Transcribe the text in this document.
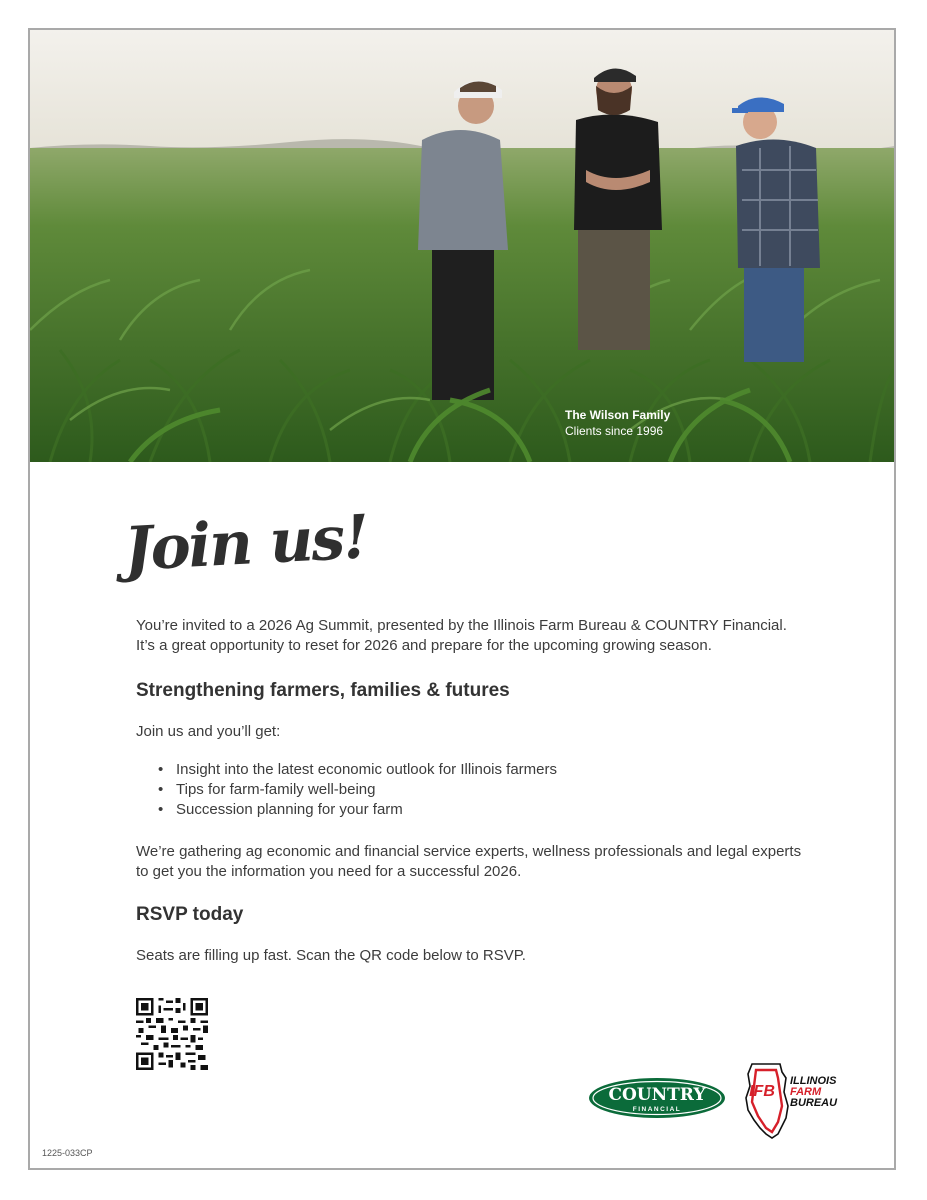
The Wilson Family
Clients since 1996
Join us!

You’re invited to a 2026 Ag Summit, presented by the Illinois Farm Bureau & COUNTRY Financial.

It’s a great opportunity to reset for 2026 and prepare for the upcoming growing season.

Strengthening farmers, families & futures

Join us and you’ll get:

• Insight into the latest economic outlook for Illinois farmers
• Tips for farm-family well-being
• Succession planning for your farm

We’re gathering ag economic and financial service experts, wellness professionals and legal experts

to get you the information you need for a successful 2026.

RSVP today

Seats are filling up fast. Scan the QR code below to RSVP.

COUNTRY
FINANCIAL
IFB
ILLINOIS
FARM
BUREAU
1225-033CP
